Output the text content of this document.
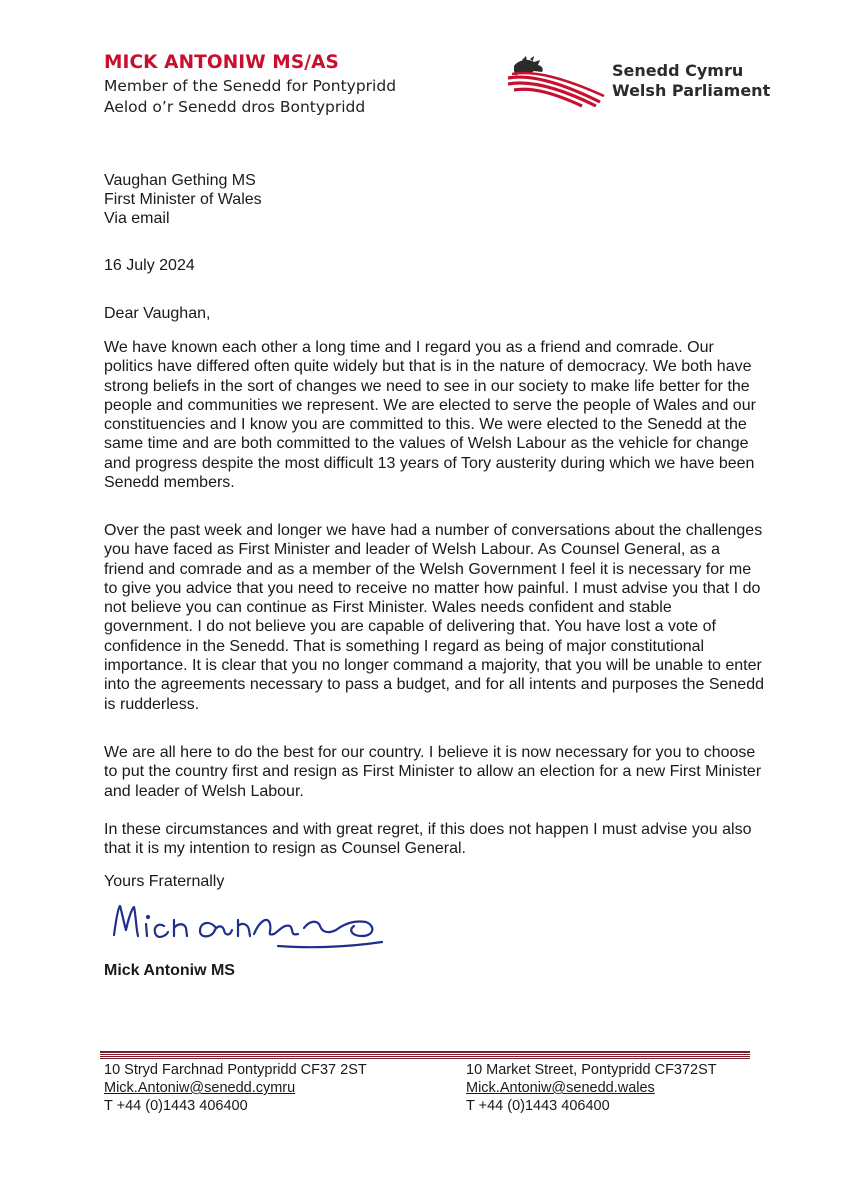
MICK ANTONIW MS/AS
Member of the Senedd for Pontypridd
Aelod o’r Senedd dros Bontypridd
Senedd Cymru
Welsh Parliament
Vaughan Gething MS
First Minister of Wales
Via email
16 July 2024
Dear Vaughan,
We have known each other a long time and I regard you as a friend and comrade. Our politics have differed often quite widely but that is in the nature of democracy. We both have strong beliefs in the sort of changes we need to see in our society to make life better for the people and communities we represent. We are elected to serve the people of Wales and our constituencies and I know you are committed to this. We were elected to the Senedd at the same time and are both committed to the values of Welsh Labour as the vehicle for change and progress despite the most difficult 13 years of Tory austerity during which we have been Senedd members.
Over the past week and longer we have had a number of conversations about the challenges you have faced as First Minister and leader of Welsh Labour. As Counsel General, as a friend and comrade and as a member of the Welsh Government I feel it is necessary for me to give you advice that you need to receive no matter how painful. I must advise you that I do not believe you can continue as First Minister. Wales needs confident and stable government. I do not believe you are capable of delivering that. You have lost a vote of confidence in the Senedd. That is something I regard as being of major constitutional importance. It is clear that you no longer command a majority, that you will be unable to enter into the agreements necessary to pass a budget, and for all intents and purposes the Senedd is rudderless.
We are all here to do the best for our country. I believe it is now necessary for you to choose to put the country first and resign as First Minister to allow an election for a new First Minister and leader of Welsh Labour.
In these circumstances and with great regret, if this does not happen I must advise you also that it is my intention to resign as Counsel General.
Yours Fraternally
Mick Antoniw MS
10 Stryd Farchnad Pontypridd CF37 2ST
Mick.Antoniw@senedd.cymru
T +44 (0)1443 406400
10 Market Street, Pontypridd CF372ST
Mick.Antoniw@senedd.wales
T +44 (0)1443 406400
